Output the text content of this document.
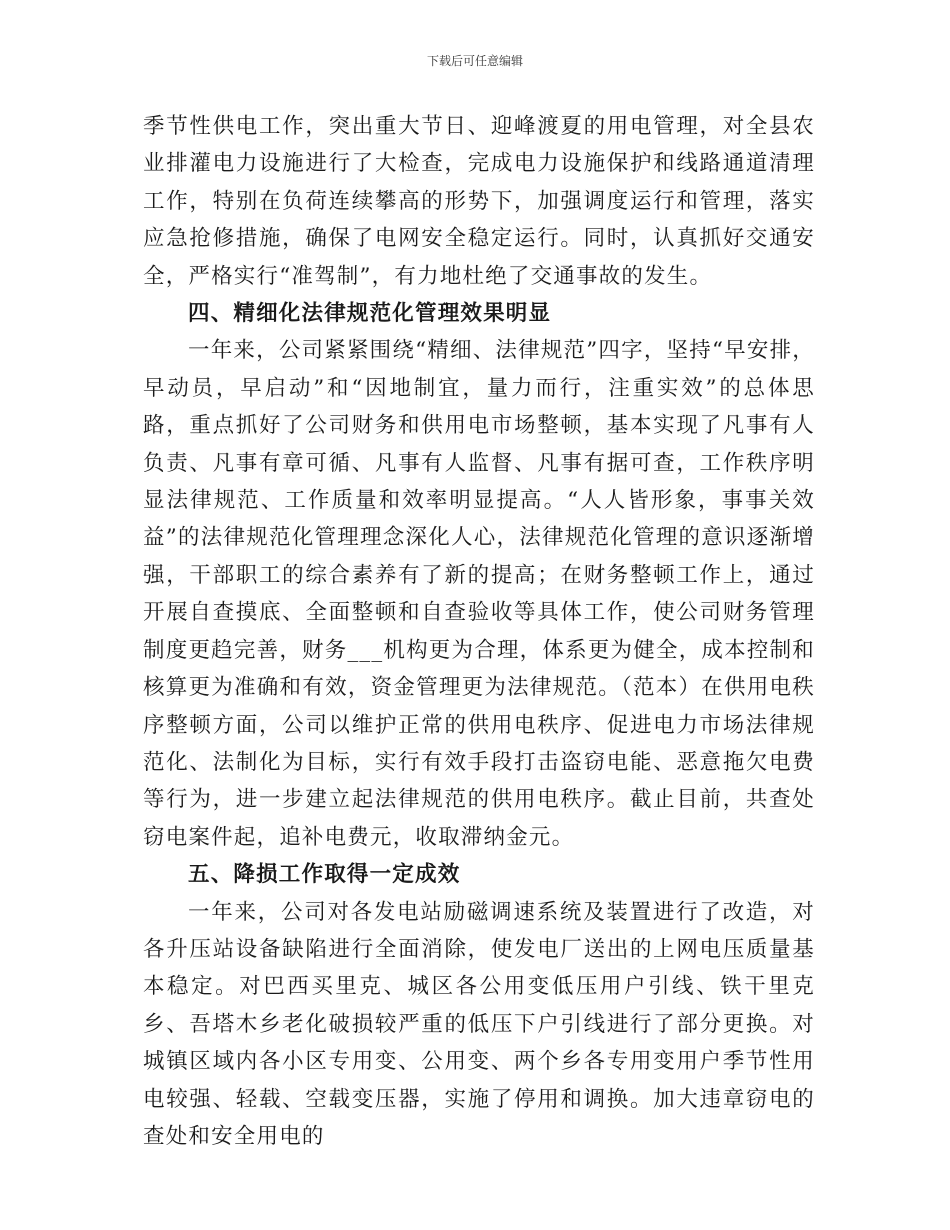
下载后可任意编辑

季节性供电工作，突出重大节日、迎峰渡夏的用电管理，对全县农业排灌电力设施进行了大检查，完成电力设施保护和线路通道清理工作，特别在负荷连续攀高的形势下，加强调度运行和管理，落实应急抢修措施，确保了电网安全稳定运行。同时，认真抓好交通安全，严格实行“准驾制”，有力地杜绝了交通事故的发生。

四、精细化法律规范化管理效果明显

一年来，公司紧紧围绕“精细、法律规范”四字，坚持“早安排，早动员，早启动”和“因地制宜，量力而行，注重实效”的总体思路，重点抓好了公司财务和供用电市场整顿，基本实现了凡事有人负责、凡事有章可循、凡事有人监督、凡事有据可查，工作秩序明显法律规范、工作质量和效率明显提高。“人人皆形象，事事关效益”的法律规范化管理理念深化人心，法律规范化管理的意识逐渐增强，干部职工的综合素养有了新的提高；在财务整顿工作上，通过开展自查摸底、全面整顿和自查验收等具体工作，使公司财务管理制度更趋完善，财务___机构更为合理，体系更为健全，成本控制和核算更为准确和有效，资金管理更为法律规范。（范本）在供用电秩序整顿方面，公司以维护正常的供用电秩序、促进电力市场法律规范化、法制化为目标，实行有效手段打击盗窃电能、恶意拖欠电费等行为，进一步建立起法律规范的供用电秩序。截止目前，共查处窃电案件起，追补电费元，收取滞纳金元。

五、降损工作取得一定成效

一年来，公司对各发电站励磁调速系统及装置进行了改造，对各升压站设备缺陷进行全面消除，使发电厂送出的上网电压质量基本稳定。对巴西买里克、城区各公用变低压用户引线、铁干里克乡、吾塔木乡老化破损较严重的低压下户引线进行了部分更换。对城镇区域内各小区专用变、公用变、两个乡各专用变用户季节性用电较强、轻载、空载变压器，实施了停用和调换。加大违章窃电的查处和安全用电的
